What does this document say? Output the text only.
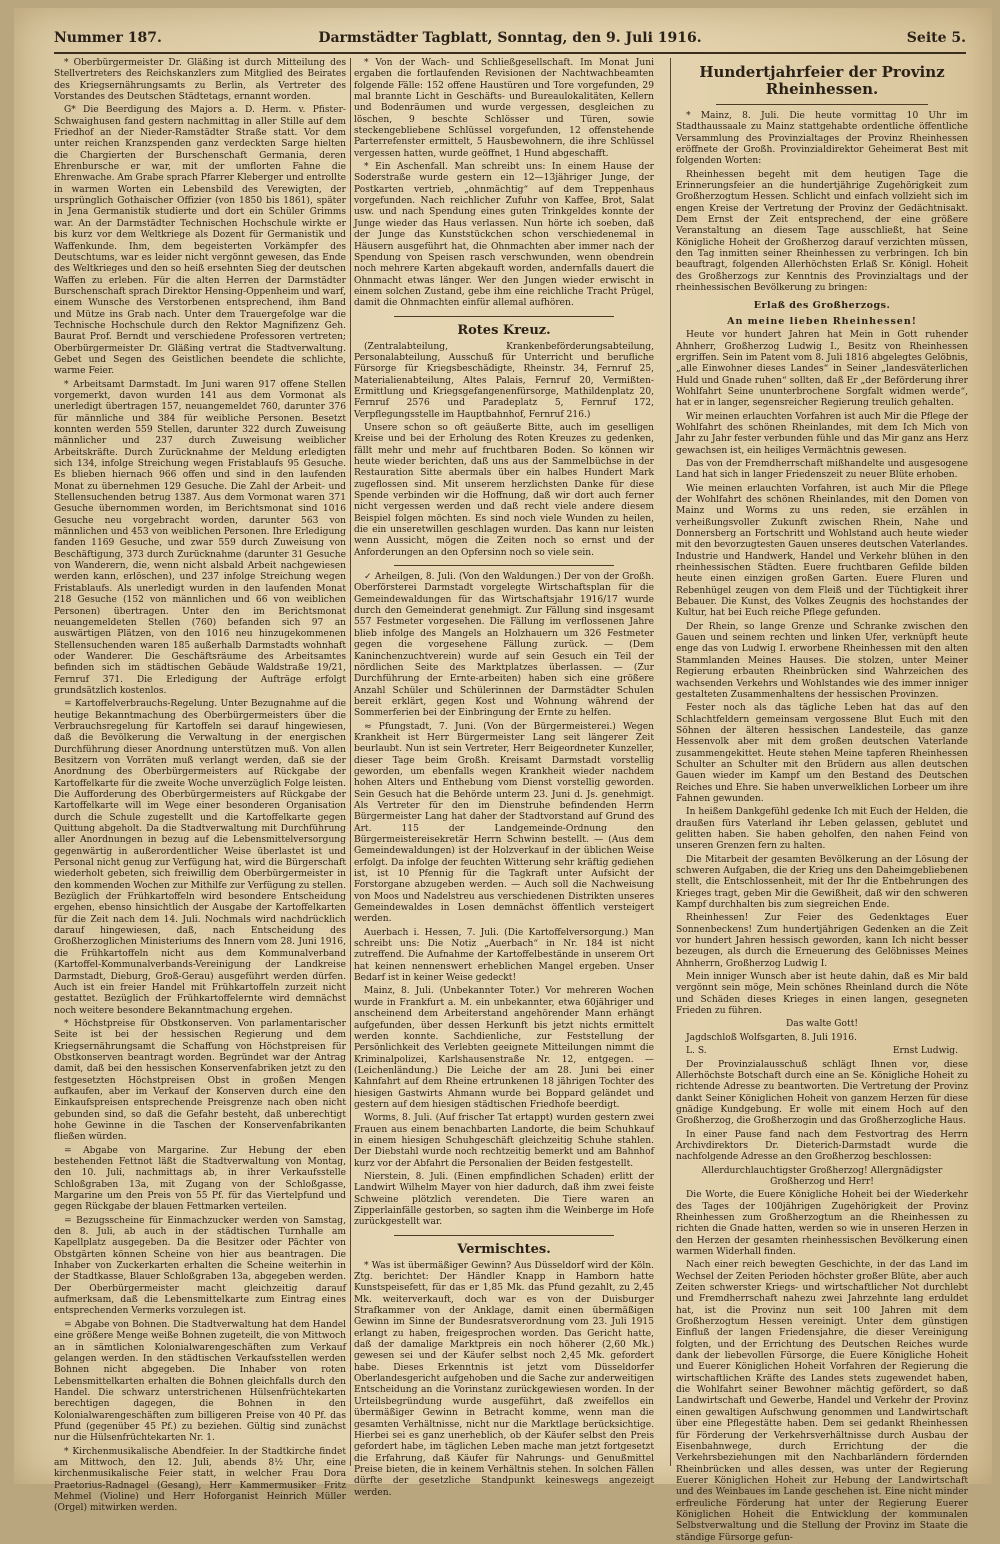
Nummer 187.	Darmstädter Tagblatt, Sonntag, den 9. Juli 1916.	Seite 5.

* Oberbürgermeister Dr. Gläßing ist durch Mitteilung des Stellvertreters des Reichskanzlers zum Mitglied des Beirates des Kriegsernährungsamts zu Berlin, als Vertreter des Vorstandes des Deutschen Städtetags, ernannt worden.

G* Die Beerdigung des Majors a. D. Herm. v. Pfister-Schwaighusen fand gestern nachmittag in aller Stille auf dem Friedhof an der Nieder-Ramstädter Straße statt. Vor dem unter reichen Kranzspenden ganz verdeckten Sarge hielten die Chargierten der Burschenschaft Germania, deren Ehrenburschе er war, mit der umflorten Fahne die Ehrenwache. Am Grabe sprach Pfarrer Kleberger und entrollte in warmen Worten ein Lebensbild des Verewigten, der ursprünglich Gothaischer Offizier (von 1850 bis 1861), später in Jena Germanistik studierte und dort ein Schüler Grimms war. An der Darmstädter Technischen Hochschule wirkte er bis kurz vor dem Weltkriege als Dozent für Germanistik und Waffenkunde. Ihm, dem begeisterten Vorkämpfer des Deutschtums, war es leider nicht vergönnt gewesen, das Ende des Weltkrieges und den so heiß ersehnten Sieg der deutschen Waffen zu erleben. Für die alten Herren der Darmstädter Burschenschaft sprach Direktor Hensing-Oppenheim und warf, einem Wunsche des Verstorbenen entsprechend, ihm Band und Mütze ins Grab nach. Unter dem Trauergefolge war die Technische Hochschule durch den Rektor Magnifizenz Geh. Baurat Prof. Berndt und verschiedene Professoren vertreten; Oberbürgermeister Dr. Gläßing vertrat die Stadtverwaltung. Gebet und Segen des Geistlichen beendete die schlichte, warme Feier.

* Arbeitsamt Darmstadt. Im Juni waren 917 offene Stellen vorgemerkt, davon wurden 141 aus dem Vormonat als unerledigt übertragen 157, neuangemeldet 760, darunter 376 für männliche und 384 für weibliche Personen. Besetzt konnten werden 559 Stellen, darunter 322 durch Zuweisung männlicher und 237 durch Zuweisung weiblicher Arbeitskräfte. Durch Zurücknahme der Meldung erledigten sich 134, infolge Streichung wegen Fristablaufs 95 Gesuche. Es blieben hiernach 966 offen und sind in den laufenden Monat zu übernehmen 129 Gesuche. Die Zahl der Arbeit- und Stellensuchenden betrug 1387. Aus dem Vormonat waren 371 Gesuche übernommen worden, im Berichtsmonat sind 1016 Gesuche neu vorgebracht worden, darunter 563 von männlichen und 453 von weiblichen Personen. Ihre Erledigung fanden 1169 Gesuche, und zwar 559 durch Zuweisung von Beschäftigung, 373 durch Zurücknahme (darunter 31 Gesuche von Wanderern, die, wenn nicht alsbald Arbeit nachgewiesen werden kann, erlöschen), und 237 infolge Streichung wegen Fristablaufs. Als unerledigt wurden in den laufenden Monat 218 Gesuche (152 von männlichen und 66 von weiblichen Personen) übertragen. Unter den im Berichtsmonat neuangemeldeten Stellen (760) befanden sich 97 an auswärtigen Plätzen, von den 1016 neu hinzugekommenen Stellensuchenden waren 185 außerhalb Darmstadts wohnhaft oder Wanderer. Die Geschäftsräume des Arbeitsamtes befinden sich im städtischen Gebäude Waldstraße 19/21, Fernruf 371. Die Erledigung der Aufträge erfolgt grundsätzlich kostenlos.

= Kartoffelverbrauchs-Regelung. Unter Bezugnahme auf die heutige Bekanntmachung des Oberbürgermeisters über die Verbrauchsregelung für Kartoffeln sei darauf hingewiesen, daß die Bevölkerung die Verwaltung in der energischen Durchführung dieser Anordnung unterstützen muß. Von allen Besitzern von Vorräten muß verlangt werden, daß sie der Anordnung des Oberbürgermeisters auf Rückgabe der Kartoffelkarte für die zweite Woche unverzüglich Folge leisten. Die Aufforderung des Oberbürgermeisters auf Rückgabe der Kartoffelkarte will im Wege einer besonderen Organisation durch die Schule zugestellt und die Kartoffelkarte gegen Quittung abgeholt. Da die Stadtverwaltung mit Durchführung aller Anordnungen in bezug auf die Lebensmittelversorgung gegenwärtig in außerordentlicher Weise überlastet ist und Personal nicht genug zur Verfügung hat, wird die Bürgerschaft wiederholt gebeten, sich freiwillig dem Oberbürgermeister in den kommenden Wochen zur Mithilfe zur Verfügung zu stellen. Bezüglich der Frühkartoffeln wird besondere Entscheidung ergehen, ebenso hinsichtlich der Ausgabe der Kartoffelkarten für die Zeit nach dem 14. Juli. Nochmals wird nachdrücklich darauf hingewiesen, daß, nach Entscheidung des Großherzoglichen Ministeriums des Innern vom 28. Juni 1916, die Frühkartoffeln nicht aus dem Kommunalverband (Kartoffel-Kommunalverbands-Vereinigung der Landkreise Darmstadt, Dieburg, Groß-Gerau) ausgeführt werden dürfen. Auch ist ein freier Handel mit Frühkartoffeln zurzeit nicht gestattet. Bezüglich der Frühkartoffelernte wird demnächst noch weitere besondere Bekanntmachung ergehen.

* Höchstpreise für Obstkonserven. Von parlamentarischer Seite ist bei der hessischen Regierung und dem Kriegsernährungsamt die Schaffung von Höchstpreisen für Obstkonserven beantragt worden. Begründet war der Antrag damit, daß bei den hessischen Konservenfabriken jetzt zu den festgesetzten Höchstpreisen Obst in großen Mengen aufkaufen, aber im Verkauf der Konserven durch eine den Einkaufspreisen entsprechende Preisgrenze nach oben nicht gebunden sind, so daß die Gefahr besteht, daß unberechtigt hohe Gewinne in die Taschen der Konservenfabrikanten fließen würden.

= Abgabe von Margarine. Zur Hebung der eben bestehenden Fettnot läßt die Stadtverwaltung von Montag, den 10. Juli, nachmittags ab, in ihrer Verkaufsstelle Schloßgraben 13a, mit Zugang von der Schloßgasse, Margarine um den Preis von 55 Pf. für das Viertelpfund und gegen Rückgabe der blauen Fettmarken verteilen.

= Bezugsscheine für Einmachzucker werden von Samstag, den 8. Juli, ab auch in der städtischen Turnhalle am Kapellplatz ausgegeben. Da die Besitzer oder Pächter von Obstgärten können Scheine von hier aus beantragen. Die Inhaber von Zuckerkarten erhalten die Scheine weiterhin in der Stadtkasse, Blauer Schloßgraben 13a, abgegeben werden. Der Oberbürgermeister macht gleichzeitig darauf aufmerksam, daß die Lebensmittelkarte zum Eintrag eines entsprechenden Vermerks vorzulegen ist.

= Abgabe von Bohnen. Die Stadtverwaltung hat dem Handel eine größere Menge weiße Bohnen zugeteilt, die von Mittwoch an in sämtlichen Kolonialwarengeschäften zum Verkauf gelangen werden. In den städtischen Verkaufsstellen werden Bohnen nicht abgegeben. Die Inhaber von roten Lebensmittelkarten erhalten die Bohnen gleichfalls durch den Handel. Die schwarz unterstrichenen Hülsenfrüchtekarten berechtigen dagegen, die Bohnen in den Kolonialwarengeschäften zum billigeren Preise von 40 Pf. das Pfund (gegenüber 45 Pf.) zu beziehen. Gültig sind zunächst nur die Hülsenfrüchtekarten Nr. 1.

* Kirchenmusikalische Abendfeier. In der Stadtkirche findet am Mittwoch, den 12. Juli, abends 8½ Uhr, eine kirchenmusikalische Feier statt, in welcher Frau Dora Praetorius-Radnagel (Gesang), Herr Kammermusiker Fritz Mehmel (Violine) und Herr Hoforganist Heinrich Müller (Orgel) mitwirken werden.

* Von der Wach- und Schließgesellschaft. Im Monat Juni ergaben die fortlaufenden Revisionen der Nachtwachbeamten folgende Fälle: 152 offene Haustüren und Tore vorgefunden, 29 mal brannte Licht in Geschäfts- und Bureaulokalitäten, Kellern und Bodenräumen und wurde vergessen, desgleichen zu löschen, 9 beschte Schlösser und Türen, sowie steckengebliebene Schlüssel vorgefunden, 12 offenstehende Parterrefenster ermittelt, 5 Hausbewohnern, die ihre Schlüssel vergessen hatten, wurde geöffnet, 1 Hund abgeschafft.

* Ein Aschenfall. Man schreibt uns: In einem Hause der Soderstraße wurde gestern ein 12—13jähriger Junge, der Postkarten vertrieb, „ohnmächtig“ auf dem Treppenhaus vorgefunden. Nach reichlicher Zufuhr von Kaffee, Brot, Salat usw. und nach Spendung eines guten Trinkgeldes konnte der Junge wieder das Haus verlassen. Nun hörte ich soeben, daß der Junge das Kunststückchen schon verschiedenemal in Häusern ausgeführt hat, die Ohnmachten aber immer nach der Spendung von Speisen rasch verschwunden, wenn obendrein noch mehrere Karten abgekauft worden, andernfalls dauert die Ohnmacht etwas länger. Wer den Jungen wieder erwischt in einem solchen Zustand, gebe ihm eine reichliche Tracht Prügel, damit die Ohnmachten einfür allemal aufhören.

Rotes Kreuz.

(Zentralabteilung, Krankenbeförderungsabteilung, Personalabteilung, Ausschuß für Unterricht und berufliche Fürsorge für Kriegsbeschädigte, Rheinstr. 34, Fernruf 25, Materialienabteilung, Altes Palais, Fernruf 20, Vermißten-Ermittlung und Kriegsgefangenenfürsorge, Mathildenplatz 20, Fernruf 2576 und Paradeplatz 5, Fernruf 172, Verpflegungsstelle im Hauptbahnhof, Fernruf 216.)

Unsere schon so oft geäußerte Bitte, auch im geselligen Kreise und bei der Erholung des Roten Kreuzes zu gedenken, fällt mehr und mehr auf fruchtbaren Boden. So können wir heute wieder berichten, daß uns aus der Sammelbüchse in der Restauration Sitte abermals über ein halbes Hundert Mark zugeflossen sind. Mit unserem herzlichsten Danke für diese Spende verbinden wir die Hoffnung, daß wir dort auch ferner nicht vergessen werden und daß recht viele andere diesem Beispiel folgen möchten. Es sind noch viele Wunden zu heilen, die ein unseretwillen geschlagen wurden. Das kann nur leisten wenn Aussicht, mögen die Zeiten noch so ernst und der Anforderungen an den Opfersinn noch so viele sein.

✓ Arheilgen, 8. Juli. (Von den Waldungen.) Der von der Großh. Oberförsterei Darmstadt vorgelegte Wirtschaftsplan für die Gemeindewaldungen für das Wirtschaftsjahr 1916/17 wurde durch den Gemeinderat genehmigt. Zur Fällung sind insgesamt 557 Festmeter vorgesehen. Die Fällung im verflossenen Jahre blieb infolge des Mangels an Holzhauern um 326 Festmeter gegen die vorgesehene Fällung zurück. — (Dem Kaninchenzuchtverein) wurde auf sein Gesuch ein Teil der nördlichen Seite des Marktplatzes überlassen. — (Zur Durchführung der Ernte-arbeiten) haben sich eine größere Anzahl Schüler und Schülerinnen der Darmstädter Schulen bereit erklärt, gegen Kost und Wohnung während der Sommerferien bei der Einbringung der Ernte zu helfen.

≈ Pfungstadt, 7. Juni. (Von der Bürgermeisterei.) Wegen Krankheit ist Herr Bürgermeister Lang seit längerer Zeit beurlaubt. Nun ist sein Vertreter, Herr Beigeordneter Kunzeller, dieser Tage beim Großh. Kreisamt Darmstadt vorstellig geworden, um ebenfalls wegen Krankheit wieder nachdem hohen Alters und Enthebung vom Dienst vorstellig geworden. Sein Gesuch hat die Behörde unterm 23. Juni d. Js. genehmigt. Als Vertreter für den im Dienstruhe befindenden Herrn Bürgermeister Lang hat daher der Stadtvorstand auf Grund des Art. 115 der Landgemeinde-Ordnung den Bürgermeistereisekretär Herrn Schwinn bestellt. — (Aus dem Gemeindewaldungen) ist der Holzverkauf in der üblichen Weise erfolgt. Da infolge der feuchten Witterung sehr kräftig gediehen ist, ist 10 Pfennig für die Tagkraft unter Aufsicht der Forstorgane abzugeben werden. — Auch soll die Nachweisung von Moos und Nadelstreu aus verschiedenen Distrikten unseres Gemeindewaldes in Losen demnächst öffentlich versteigert werden.

Auerbach i. Hessen, 7. Juli. (Die Kartoffelversorgung.) Man schreibt uns: Die Notiz „Auerbach“ in Nr. 184 ist nicht zutreffend. Die Aufnahme der Kartoffelbestände in unserem Ort hat keinen nennenswert erheblichen Mangel ergeben. Unser Bedarf ist in keiner Weise gedeckt!

Mainz, 8. Juli. (Unbekannter Toter.) Vor mehreren Wochen wurde in Frankfurt a. M. ein unbekannter, etwa 60jähriger und anscheinend dem Arbeiterstand angehörender Mann erhängt aufgefunden, über dessen Herkunft bis jetzt nichts ermittelt werden konnte. Sachdienliche, zur Feststellung der Persönlichkeit des Verlebten geeignete Mitteilungen nimmt die Kriminalpolizei, Karlshausenstraße Nr. 12, entgegen. — (Leichenländung.) Die Leiche der am 28. Juni bei einer Kahnfahrt auf dem Rheine ertrunkenen 18 jährigen Tochter des hiesigen Gastwirts Ahmann wurde bei Boppard geländet und gestern auf dem hiesigen städtischen Friedhofe beerdigt.

Worms, 8. Juli. (Auf frischer Tat ertappt) wurden gestern zwei Frauen aus einem benachbarten Landorte, die beim Schuhkauf in einem hiesigen Schuhgeschäft gleichzeitig Schuhe stahlen. Der Diebstahl wurde noch rechtzeitig bemerkt und am Bahnhof kurz vor der Abfahrt die Personalien der Beiden festgestellt.

Nierstein, 8. Juli. (Einen empfindlichen Schaden) erlitt der Landwirt Wilhelm Mayer von hier dadurch, daß ihm zwei feiste Schweine plötzlich verendeten. Die Tiere waren an Zipperlainfälle gestorben, so sagten ihm die Weinberge im Hofe zurückgestellt war.

Vermischtes.

* Was ist übermäßiger Gewinn? Aus Düsseldorf wird der Köln. Ztg. berichtet: Der Händler Knapp in Hamborn hatte Kunstspeisefett, für das er 1,85 Mk. das Pfund gezahlt, zu 2,45 Mk. weiterverkauft, doch war es von der Duisburger Strafkammer von der Anklage, damit einen übermäßigen Gewinn im Sinne der Bundesratsverordnung vom 23. Juli 1915 erlangt zu haben, freigesprochen worden. Das Gericht hatte, daß der damalige Marktpreis ein noch höherer (2,60 Mk.) gewesen sei und der Käufer selbst noch 2,45 Mk. gefordert habe. Dieses Erkenntnis ist jetzt vom Düsseldorfer Oberlandesgericht aufgehoben und die Sache zur anderweitigen Entscheidung an die Vorinstanz zurückgewiesen worden. In der Urteilsbegründung wurde ausgeführt, daß zweifellos ein übermäßiger Gewinn in Betracht komme, wenn man die gesamten Verhältnisse, nicht nur die Marktlage berücksichtige. Hierbei sei es ganz unerheblich, ob der Käufer selbst den Preis gefordert habe, im täglichen Leben mache man jetzt fortgesetzt die Erfahrung, daß Käufer für Nahrungs- und Genußmittel Preise bieten, die in keinem Verhältnis stehen. In solchen Fällen dürfte der gesetzliche Standpunkt keineswegs angezeigt werden.

Hundertjahrfeier der Provinz Rheinhessen.

* Mainz, 8. Juli. Die heute vormittag 10 Uhr im Stadthaussaale zu Mainz stattgehabte ordentliche öffentliche Versammlung des Provinzialtages der Provinz Rheinhessen eröffnete der Großh. Provinzialdirektor Geheimerat Best mit folgenden Worten:

Rheinhessen begeht mit dem heutigen Tage die Erinnerungsfeier an die hundertjährige Zugehörigkeit zum Großherzogtum Hessen. Schlicht und einfach vollzieht sich im engen Kreise der Vertretung der Provinz der Gedächtnisakt. Dem Ernst der Zeit entsprechend, der eine größere Veranstaltung an diesem Tage ausschließt, hat Seine Königliche Hoheit der Großherzog darauf verzichten müssen, den Tag inmitten seiner Rheinhessen zu verbringen. Ich bin beauftragt, folgenden Allerhöchsten Erlaß Sr. Königl. Hoheit des Großherzogs zur Kenntnis des Provinzialtags und der rheinhessischen Bevölkerung zu bringen:

Erlaß des Großherzogs.
An meine lieben Rheinhessen!

Heute vor hundert Jahren hat Mein in Gott ruhender Ahnherr, Großherzog Ludwig I., Besitz von Rheinhessen ergriffen. Sein im Patent vom 8. Juli 1816 abgelegtes Gelöbnis, „alle Einwohner dieses Landes“ in Seiner „landesväterlichen Huld und Gnade ruhen“ sollten, daß Er „der Beförderung ihrer Wohlfahrt Seine ununterbrochene Sorgfalt widmen werde“, hat er in langer, segensreicher Regierung treulich gehalten.

Wir meinen erlauchten Vorfahren ist auch Mir die Pflege der Wohlfahrt des schönen Rheinlandes, mit dem Ich Mich von Jahr zu Jahr fester verbunden fühle und das Mir ganz ans Herz gewachsen ist, ein heiliges Vermächtnis gewesen.

Das von der Fremdherrschaft mißhandelte und ausgesogene Land hat sich in langer Friedenszeit zu neuer Blüte erhoben.

Wie meinen erlauchten Vorfahren, ist auch Mir die Pflege der Wohlfahrt des schönen Rheinlandes, mit den Domen von Mainz und Worms zu uns reden, sie erzählen in verheißungsvoller Zukunft zwischen Rhein, Nahe und Donnersberg an Fortschritt und Wohlstand auch heute wieder mit den bevorzugtesten Gauen unseres deutschen Vaterlandes. Industrie und Handwerk, Handel und Verkehr blühen in den rheinhessischen Städten. Euere fruchtbaren Gefilde bilden heute einen einzigen großen Garten. Euere Fluren und Rebenhügel zeugen von dem Fleiß und der Tüchtigkeit ihrer Bebauer. Die Kunst, des Volkes Zeugnis des hochstandes der Kultur, hat bei Euch reiche Pflege gefunden.

Der Rhein, so lange Grenze und Schranke zwischen den Gauen und seinem rechten und linken Ufer, verknüpft heute enge das von Ludwig I. erworbene Rheinhessen mit den alten Stammlanden Meines Hauses. Die stolzen, unter Meiner Regierung erbauten Rheinbrücken sind Wahrzeichen des wachsenden Verkehrs und Wohlstandes wie des immer inniger gestalteten Zusammenhaltens der hessischen Provinzen.

Fester noch als das tägliche Leben hat das auf den Schlachtfeldern gemeinsam vergossene Blut Euch mit den Söhnen der älteren hessischen Landesteile, das ganze Hessenvolk aber mit dem großen deutschen Vaterlande zusammengekittet. Heute stehen Meine tapferen Rheinhessen Schulter an Schulter mit den Brüdern aus allen deutschen Gauen wieder im Kampf um den Bestand des Deutschen Reiches und Ehre. Sie haben unverwelklichen Lorbeer um ihre Fahnen gewunden.

In heißem Dankgefühl gedenke Ich mit Euch der Helden, die draußen fürs Vaterland ihr Leben gelassen, geblutet und gelitten haben. Sie haben geholfen, den nahen Feind von unseren Grenzen fern zu halten.

Die Mitarbeit der gesamten Bevölkerung an der Lösung der schweren Aufgaben, die der Krieg uns den Daheimgebliebenen stellt, die Entschlossenheit, mit der Ihr die Entbehrungen des Krieges tragt, geben Mir die Gewißheit, daß wir den schweren Kampf durchhalten bis zum siegreichen Ende.

Rheinhessen! Zur Feier des Gedenktages Euer Sonnenbeckens! Zum hundertjährigen Gedenken an die Zeit vor hundert Jahren hessisch geworden, kann Ich nicht besser bezeugen, als durch die Erneuerung des Gelöbnisses Meines Ahnherrn, Großherzog Ludwig I.

Mein inniger Wunsch aber ist heute dahin, daß es Mir bald vergönnt sein möge, Mein schönes Rheinland durch die Nöte und Schäden dieses Krieges in einen langen, gesegneten Frieden zu führen.

Das walte Gott!

Jagdschloß Wolfsgarten, 8. Juli 1916.

L. S.	Ernst Ludwig.

Der Provinzialausschuß schlägt Ihnen vor, diese Allerhöchste Botschaft durch eine an Se. Königliche Hoheit zu richtende Adresse zu beantworten. Die Vertretung der Provinz dankt Seiner Königlichen Hoheit von ganzem Herzen für diese gnädige Kundgebung. Er wolle mit einem Hoch auf den Großherzog, die Großherzogin und das Großherzogliche Haus.

In einer Pause fand nach dem Festvortrag des Herrn Archivdirektors Dr. Dieterich-Darmstadt wurde die nachfolgende Adresse an den Großherzog beschlossen:

Allerdurchlauchtigster Großherzog! Allergnädigster Großherzog und Herr!

Die Worte, die Euere Königliche Hoheit bei der Wiederkehr des Tages der 100jährigen Zugehörigkeit der Provinz Rheinhessen zum Großherzogtum an die Rheinhessen zu richten die Gnade hatten, werden so wie in unseren Herzen in den Herzen der gesamten rheinhessischen Bevölkerung einen warmen Widerhall finden.

Nach einer reich bewegten Geschichte, in der das Land im Wechsel der Zeiten Perioden höchster großer Blüte, aber auch Zeiten schwerster Kriegs- und wirtschaftlicher Not durchlebt und Fremdherrschaft nahezu zwei Jahrzehnte lang erduldet hat, ist die Provinz nun seit 100 Jahren mit dem Großherzogtum Hessen vereinigt. Unter dem günstigen Einfluß der langen Friedensjahre, die dieser Vereinigung folgten, und der Errichtung des Deutschen Reiches wurde dank der liebevollen Fürsorge, die Euere Königliche Hoheit und Euerer Königlichen Hoheit Vorfahren der Regierung die wirtschaftlichen Kräfte des Landes stets zugewendet haben, die Wohlfahrt seiner Bewohner mächtig gefördert, so daß Landwirtschaft und Gewerbe, Handel und Verkehr der Provinz einen gewaltigen Aufschwung genommen und Landwirtschaft über eine Pflegestätte haben. Dem sei gedankt Rheinhessen für Förderung der Verkehrsverhältnisse durch Ausbau der Eisenbahnwege, durch Errichtung der die Verkehrsbeziehungen mit den Nachbarländern fördernden Rheinbrücken und alles dessen, was unter der Regierung Euerer Königlichen Hoheit zur Hebung der Landwirtschaft und des Weinbaues im Lande geschehen ist. Eine nicht minder erfreuliche Förderung hat unter der Regierung Euerer Königlichen Hoheit die Entwicklung der kommunalen Selbstverwaltung und die Stellung der Provinz im Staate die ständige Fürsorge gefun-
